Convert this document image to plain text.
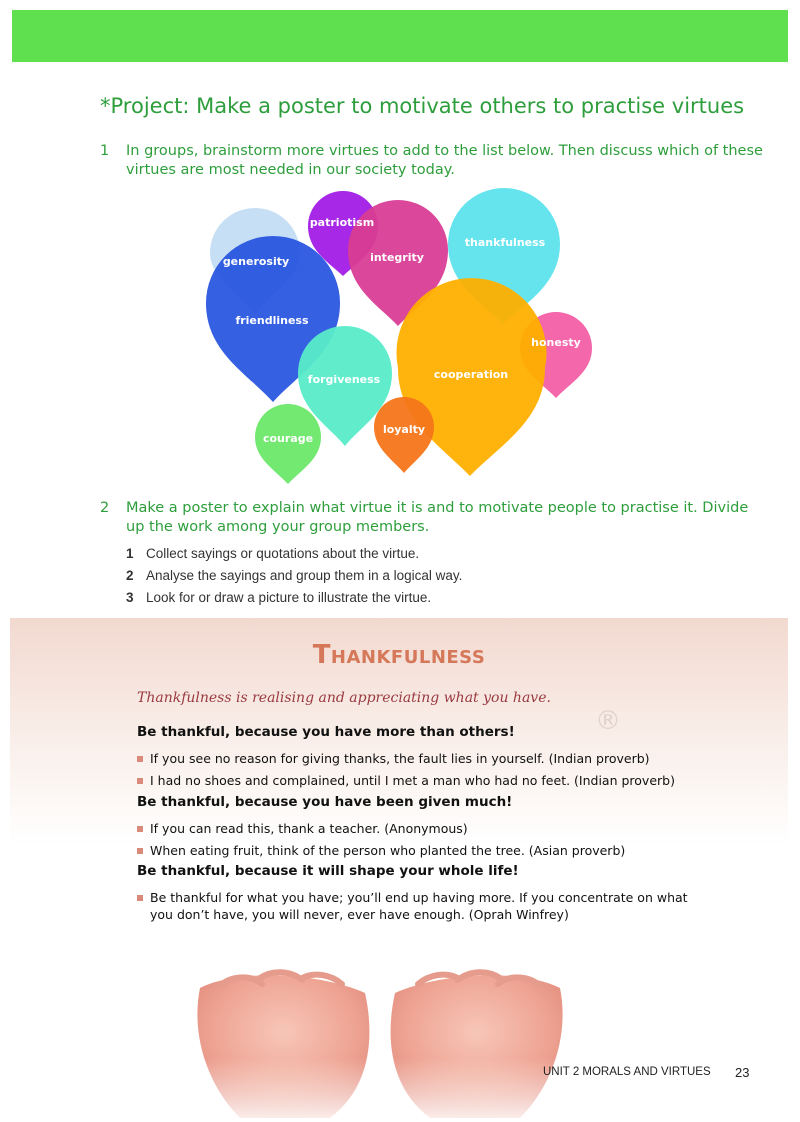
*Project: Make a poster to motivate others to practise virtues
1	In groups, brainstorm more virtues to add to the list below. Then discuss which of these virtues are most needed in our society today.
generosity
patriotism
integrity
thankfulness
friendliness
honesty
forgiveness	cooperation
loyalty
courage
2	Make a poster to explain what virtue it is and to motivate people to practise it. Divide up the work among your group members.
1 Collect sayings or quotations about the virtue.
2 Analyse the sayings and group them in a logical way.
3 Look for or draw a picture to illustrate the virtue.
Thankfulness
Thankfulness is realising and appreciating what you have.
®
Be thankful, because you have more than others!
If you see no reason for giving thanks, the fault lies in yourself. (Indian proverb)
I had no shoes and complained, until I met a man who had no feet. (Indian proverb)
Be thankful, because you have been given much!
If you can read this, thank a teacher. (Anonymous)
When eating fruit, think of the person who planted the tree. (Asian proverb)
Be thankful, because it will shape your whole life!
Be thankful for what you have; you’ll end up having more. If you concentrate on what you don’t have, you will never, ever have enough. (Oprah Winfrey)
UNIT 2 MORALS AND VIRTUES 23
